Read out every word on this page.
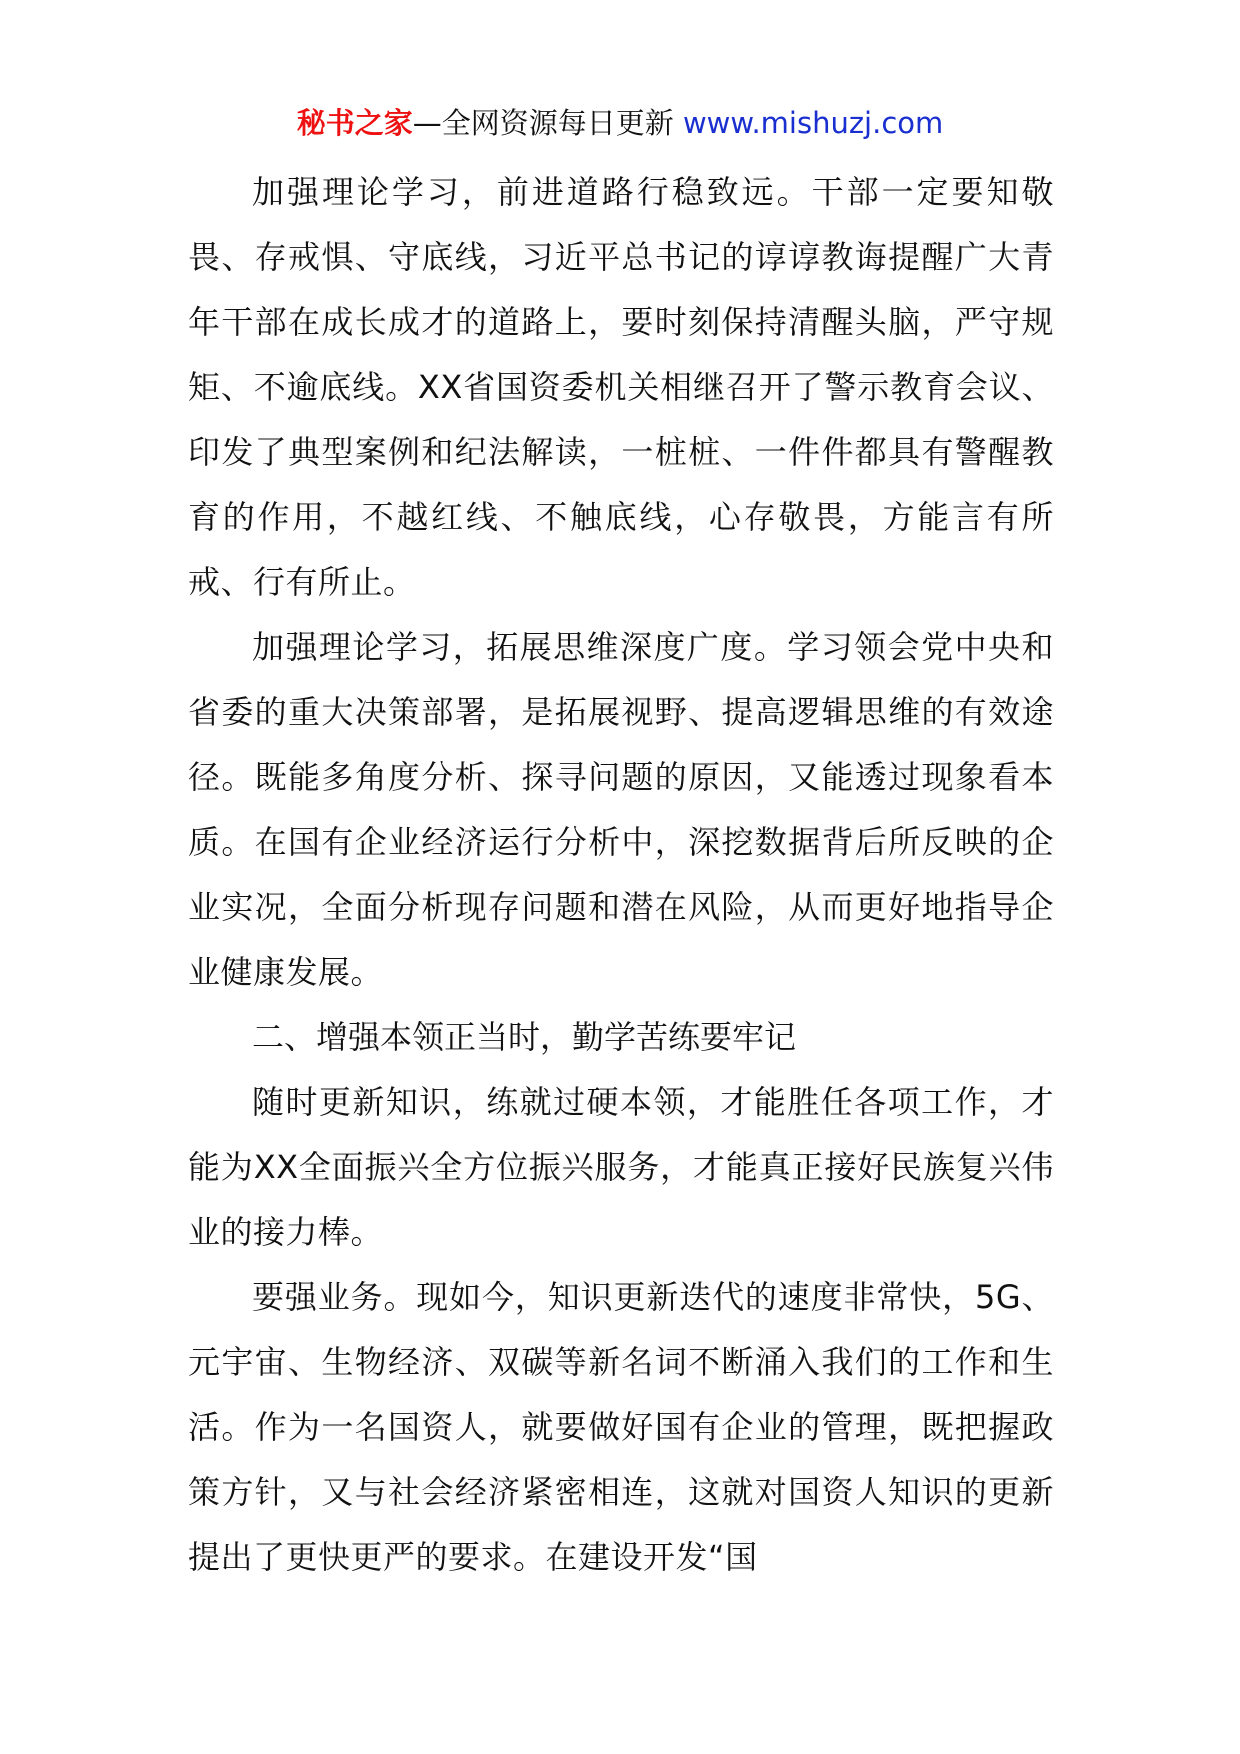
秘书之家—全网资源每日更新 www.mishuzj.com

加强理论学习，前进道路行稳致远。干部一定要知敬畏、存戒惧、守底线，习近平总书记的谆谆教诲提醒广大青年干部在成长成才的道路上，要时刻保持清醒头脑，严守规矩、不逾底线。XX省国资委机关相继召开了警示教育会议、印发了典型案例和纪法解读，一桩桩、一件件都具有警醒教育的作用，不越红线、不触底线，心存敬畏，方能言有所戒、行有所止。

加强理论学习，拓展思维深度广度。学习领会党中央和省委的重大决策部署，是拓展视野、提高逻辑思维的有效途径。既能多角度分析、探寻问题的原因，又能透过现象看本质。在国有企业经济运行分析中，深挖数据背后所反映的企业实况，全面分析现存问题和潜在风险，从而更好地指导企业健康发展。

二、增强本领正当时，勤学苦练要牢记

随时更新知识，练就过硬本领，才能胜任各项工作，才能为XX全面振兴全方位振兴服务，才能真正接好民族复兴伟业的接力棒。

要强业务。现如今，知识更新迭代的速度非常快，5G、元宇宙、生物经济、双碳等新名词不断涌入我们的工作和生活。作为一名国资人，就要做好国有企业的管理，既把握政策方针，又与社会经济紧密相连，这就对国资人知识的更新提出了更快更严的要求。在建设开发“国
